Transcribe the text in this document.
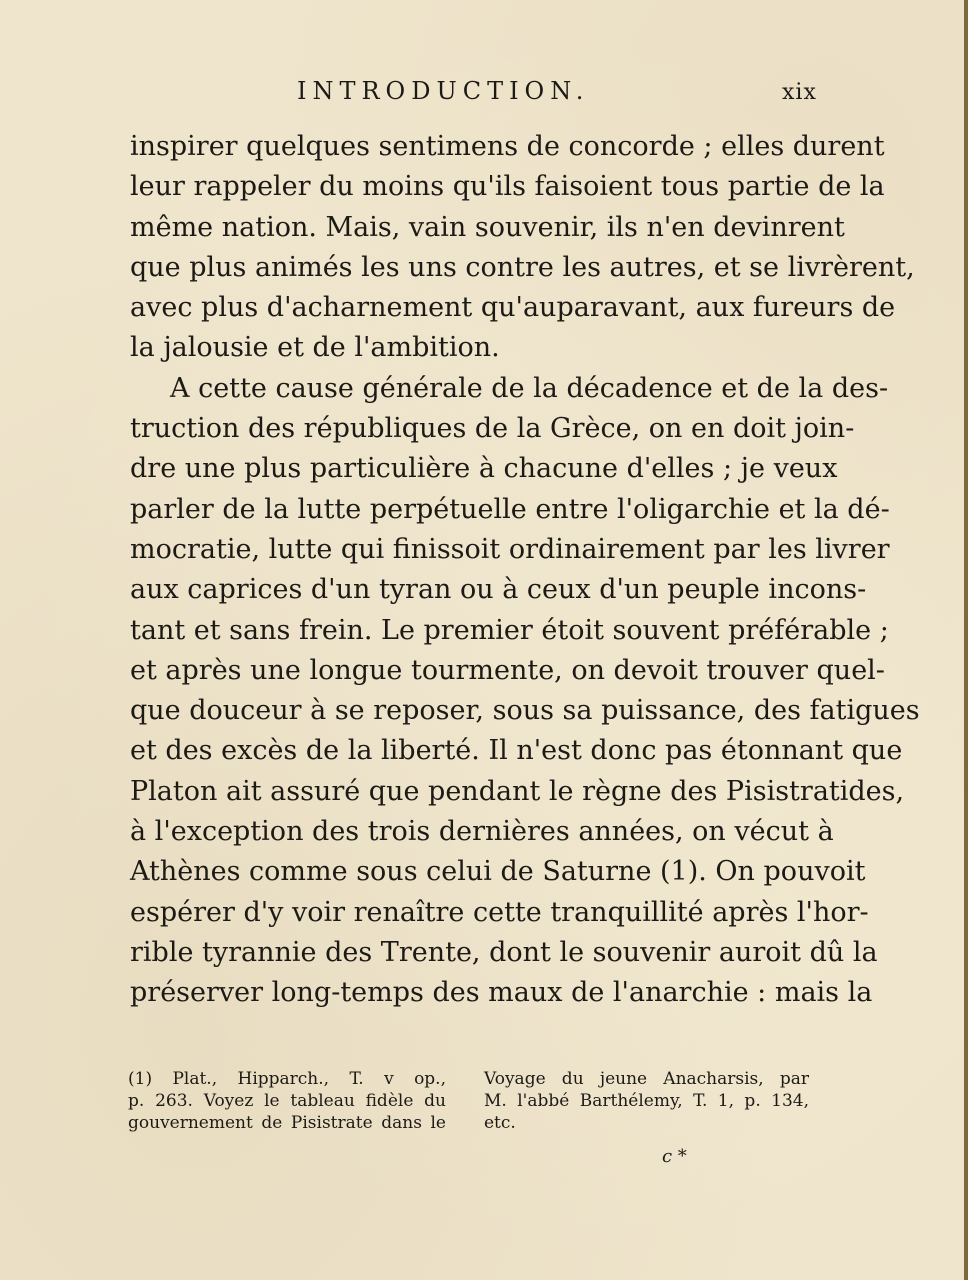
INTRODUCTION.	xix
inspirer quelques sentimens de concorde ; elles durent
leur rappeler du moins qu'ils faisoient tous partie de la
même nation. Mais, vain souvenir, ils n'en devinrent
que plus animés les uns contre les autres, et se livrèrent,
avec plus d'acharnement qu'auparavant, aux fureurs de
la jalousie et de l'ambition.
A cette cause générale de la décadence et de la des-
truction des républiques de la Grèce, on en doit join-
dre une plus particulière à chacune d'elles ; je veux
parler de la lutte perpétuelle entre l'oligarchie et la dé-
mocratie, lutte qui finissoit ordinairement par les livrer
aux caprices d'un tyran ou à ceux d'un peuple incons-
tant et sans frein. Le premier étoit souvent préférable ;
et après une longue tourmente, on devoit trouver quel-
que douceur à se reposer, sous sa puissance, des fatigues
et des excès de la liberté. Il n'est donc pas étonnant que
Platon ait assuré que pendant le règne des Pisistratides,
à l'exception des trois dernières années, on vécut à
Athènes comme sous celui de Saturne (1). On pouvoit
espérer d'y voir renaître cette tranquillité après l'hor-
rible tyrannie des Trente, dont le souvenir auroit dû la
préserver long-temps des maux de l'anarchie : mais la
(1) Plat., Hipparch., T. v op.,
p. 263. Voyez le tableau fidèle du
gouvernement de Pisistrate dans le
Voyage du jeune Anacharsis, par
M. l'abbé Barthélemy, T. 1, p. 134,
etc.
c *
